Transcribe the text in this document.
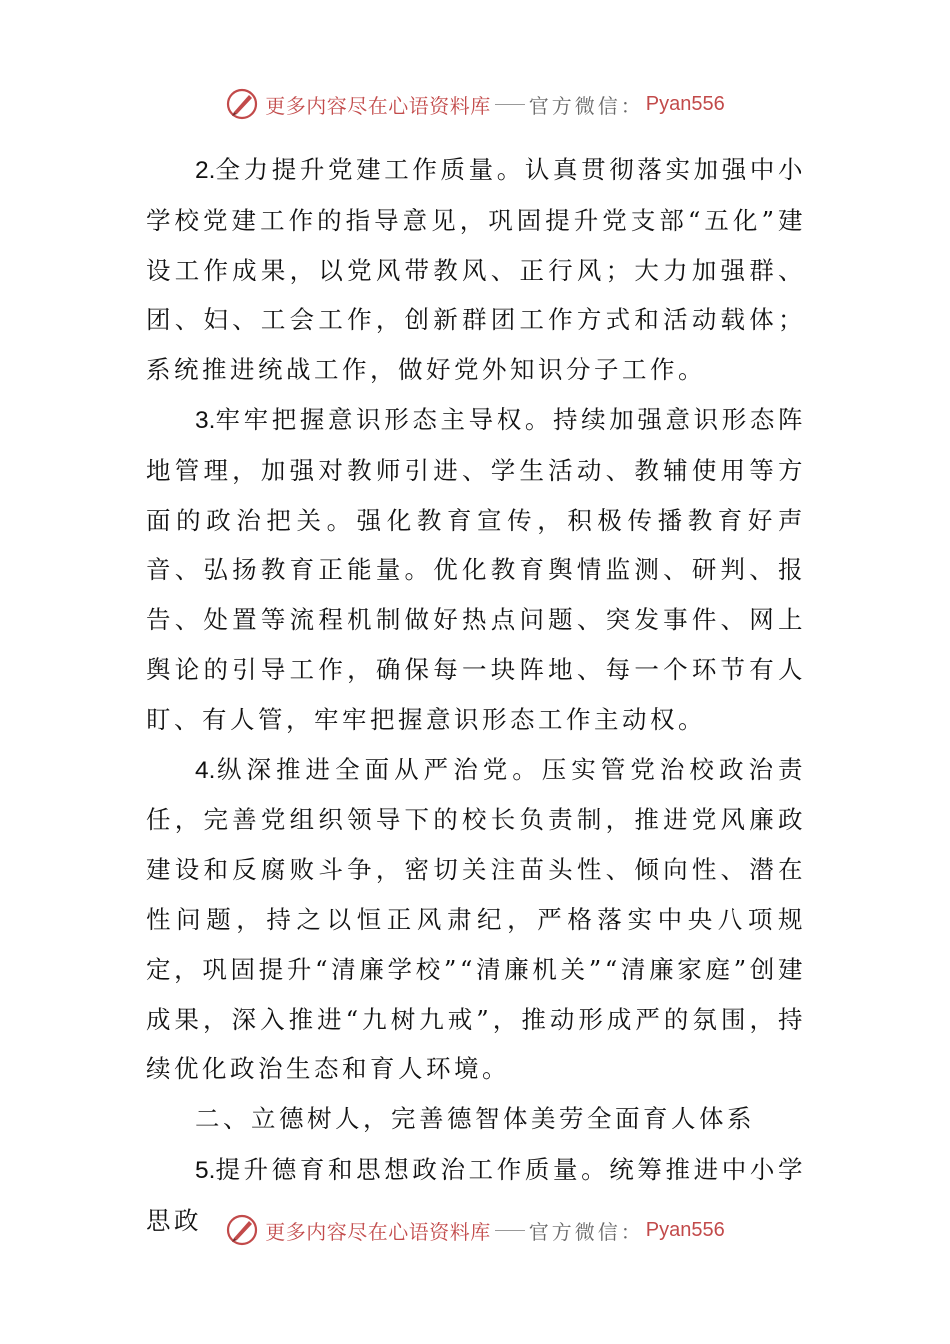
更多内容尽在心语资料库 官方微信： Pyan556

2.全力提升党建工作质量。认真贯彻落实加强中小学校党建工作的指导意见，巩固提升党支部“五化”建设工作成果，以党风带教风、正行风；大力加强群、团、妇、工会工作，创新群团工作方式和活动载体；系统推进统战工作，做好党外知识分子工作。

3.牢牢把握意识形态主导权。持续加强意识形态阵地管理，加强对教师引进、学生活动、教辅使用等方面的政治把关。强化教育宣传，积极传播教育好声音、弘扬教育正能量。优化教育舆情监测、研判、报告、处置等流程机制做好热点问题、突发事件、网上舆论的引导工作，确保每一块阵地、每一个环节有人盯、有人管，牢牢把握意识形态工作主动权。

4.纵深推进全面从严治党。压实管党治校政治责任，完善党组织领导下的校长负责制，推进党风廉政建设和反腐败斗争，密切关注苗头性、倾向性、潜在性问题，持之以恒正风肃纪，严格落实中央八项规定，巩固提升“清廉学校”“清廉机关”“清廉家庭”创建成果，深入推进“九树九戒”，推动形成严的氛围，持续优化政治生态和育人环境。

二、立德树人，完善德智体美劳全面育人体系

5.提升德育和思想政治工作质量。统筹推进中小学思政	更多内容尽在心语资料库 官方微信： Pyan556
